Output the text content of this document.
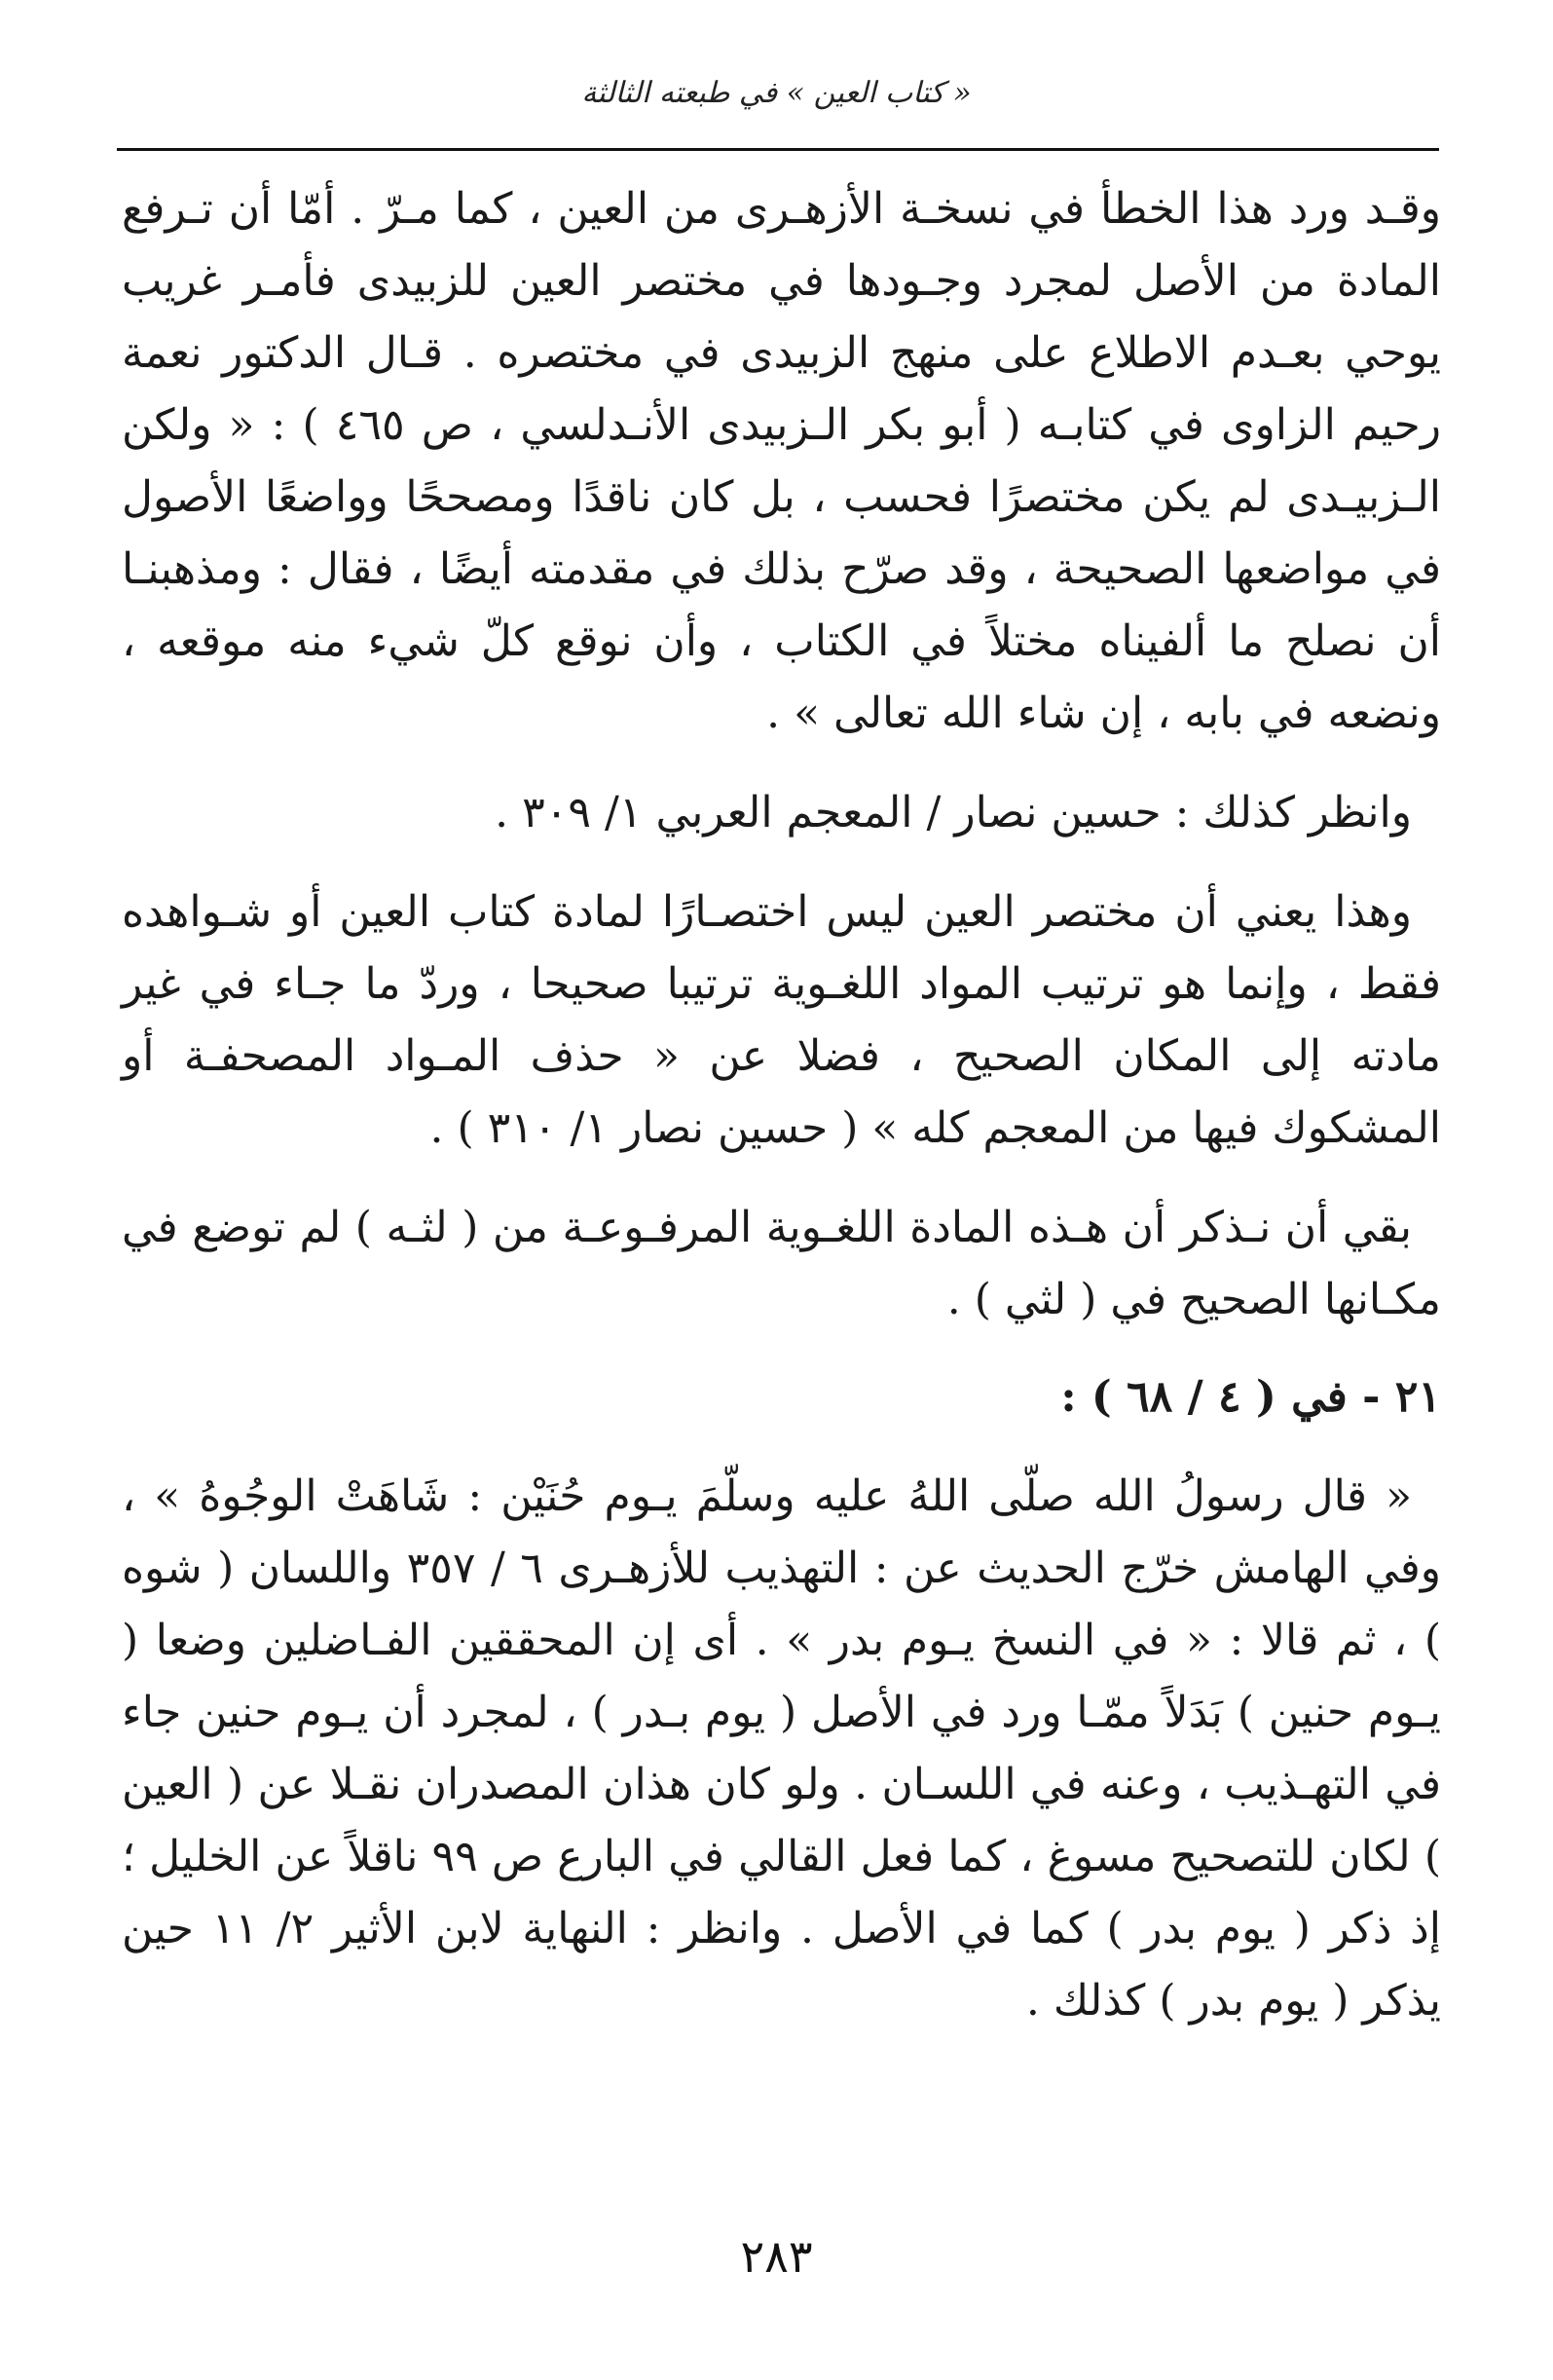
« كتاب العين » في طبعته الثالثة

وقـد ورد هذا الخطأ في نسخـة الأزهـرى من العين ، كما مـرّ . أمّا أن تـرفع المادة من الأصل لمجرد وجـودها في مختصر العين للزبيدى فأمـر غريب يوحي بعـدم الاطلاع على منهج الزبيدى في مختصره . قـال الدكتور نعمة رحيم الزاوى في كتابـه ( أبو بكر الـزبيدى الأنـدلسي ، ص ٤٦٥ ) : « ولكن الـزبيـدى لم يكن مختصرًا فحسب ، بل كان ناقدًا ومصححًا وواضعًا الأصول في مواضعها الصحيحة ، وقد صرّح بذلك في مقدمته أيضًا ، فقال : ومذهبنـا أن نصلح ما ألفيناه مختلاً في الكتاب ، وأن نوقع كلّ شيء منه موقعه ، ونضعه في بابه ، إن شاء الله تعالى » .

وانظر كذلك : حسين نصار / المعجم العربي ١/ ٣٠٩ .

وهذا يعني أن مختصر العين ليس اختصـارًا لمادة كتاب العين أو شـواهده فقط ، وإنما هو ترتيب المواد اللغـوية ترتيبا صحيحا ، وردّ ما جـاء في غير مادته إلى المكان الصحيح ، فضلا عن « حذف المـواد المصحفـة أو المشكوك فيها من المعجم كله » ( حسين نصار ١/ ٣١٠ ) .

بقي أن نـذكر أن هـذه المادة اللغـوية المرفـوعـة من ( لثـه ) لم توضع في مكـانها الصحيح في ( لثي ) .

٢١ - في ( ٤ / ٦٨ ) :

« قال رسولُ الله صلّى اللهُ عليه وسلّمَ يـوم حُنَيْن : شَاهَتْ الوجُوهُ » ، وفي الهامش خرّج الحديث عن : التهذيب للأزهـرى ٦ / ٣٥٧ واللسان ( شوه ) ، ثم قالا : « في النسخ يـوم بدر » . أى إن المحققين الفـاضلين وضعا ( يـوم حنين ) بَدَلاً ممّـا ورد في الأصل ( يوم بـدر ) ، لمجرد أن يـوم حنين جاء في التهـذيب ، وعنه في اللسـان . ولو كان هذان المصدران نقـلا عن ( العين ) لكان للتصحيح مسوغ ، كما فعل القالي في البارع ص ٩٩ ناقلاً عن الخليل ؛ إذ ذكر ( يوم بدر ) كما في الأصل . وانظر : النهاية لابن الأثير ٢/ ١١ حين يذكر ( يوم بدر ) كذلك .

٢٨٣
